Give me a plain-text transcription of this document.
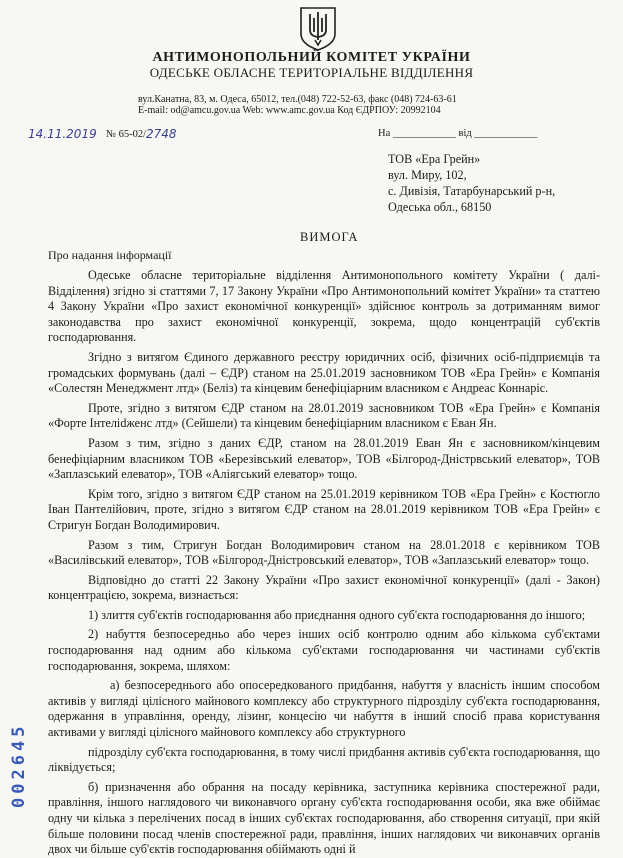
АНТИМОНОПОЛЬНИЙ КОМІТЕТ УКРАЇНИ
ОДЕСЬКЕ ОБЛАСНЕ ТЕРИТОРІАЛЬНЕ ВІДДІЛЕННЯ
вул.Канатна, 83, м. Одеса, 65012, тел.(048) 722-52-63, факс (048) 724-63-61
E-mail: od@amcu.gov.ua Web: www.amc.gov.ua Код ЄДРПОУ: 20992104
14.11.2019 № 65-02/ 2748	На ____________ від ____________
ТОВ «Ера Грейн»
вул. Миру, 102,
с. Дивізія, Татарбунарський р-н,
Одеська обл., 68150
ВИМОГА
Про надання інформації

Одеське обласне територіальне відділення Антимонопольного комітету України ( далі- Відділення) згідно зі статтями 7, 17 Закону України «Про Антимонопольний комітет України» та статтею 4 Закону України «Про захист економічної конкуренції» здійснює контроль за дотриманням вимог законодавства про захист економічної конкуренції, зокрема, щодо концентрацій суб'єктів господарювання.

Згідно з витягом Єдиного державного реєстру юридичних осіб, фізичних осіб-підприємців та громадських формувань (далі – ЄДР) станом на 25.01.2019 засновником ТОВ «Ера Грейн» є Компанія «Солестян Менеджмент лтд» (Беліз) та кінцевим бенефіціарним власником є Андреас Коннаріс.

Проте, згідно з витягом ЄДР станом на 28.01.2019 засновником ТОВ «Ера Грейн» є Компанія «Форте Інтеліdженс лтд» (Сейшели) та кінцевим бенефіціарним власником є Еван Ян.

Разом з тим, згідно з даних ЄДР, станом на 28.01.2019 Еван Ян є засновником/кінцевим бенефіціарним власником ТОВ «Березівський елеватор», ТОВ «Білгород-Дністрвський елеватор», ТОВ «Заплазський елеватор», ТОВ «Аліягський елеватор» тощо.

Крім того, згідно з витягом ЄДР станом на 25.01.2019 керівником ТОВ «Ера Грейн» є Костюгло Іван Пантелійович, проте, згідно з витягом ЄДР станом на 28.01.2019 керівником ТОВ «Ера Грейн» є Стригун Богдан Володимирович.

Разом з тим, Стригун Богдан Володимирович станом на 28.01.2018 є керівником ТОВ «Василівський елеватор», ТОВ «Білгород-Дністровський елеватор», ТОВ «Заплазський елеватор» тощо.

Відповідно до статті 22 Закону України «Про захист економічної конкуренції» (далі - Закон) концентрацією, зокрема, визнається:

1) злиття суб'єктів господарювання або приєднання одного суб'єкта господарювання до іншого;

2) набуття безпосередньо або через інших осіб контролю одним або кількома суб'єктами господарювання над одним або кількома суб'єктами господарювання чи частинами суб'єктів господарювання, зокрема, шляхом:

а) безпосереднього або опосередкованого придбання, набуття у власність іншим способом активів у вигляді цілісного майнового комплексу або структурного підрозділу суб'єкта господарювання, одержання в управління, оренду, лізинг, концесію чи набуття в інший спосіб права користування активами у вигляді цілісного майнового комплексу або структурного

підрозділу суб'єкта господарювання, в тому числі придбання активів суб'єкта господарювання, що ліквідується;

б) призначення або обрання на посаду керівника, заступника керівника спостережної ради, правління, іншого наглядового чи виконавчого органу суб'єкта господарювання особи, яка вже обіймає одну чи кілька з перелічених посад в інших суб'єктах господарювання, або створення ситуації, при якій більше половини посад членів спостережної ради, правління, інших наглядових чи виконавчих органів двох чи більше суб'єктів господарювання обіймають одні й

002645
